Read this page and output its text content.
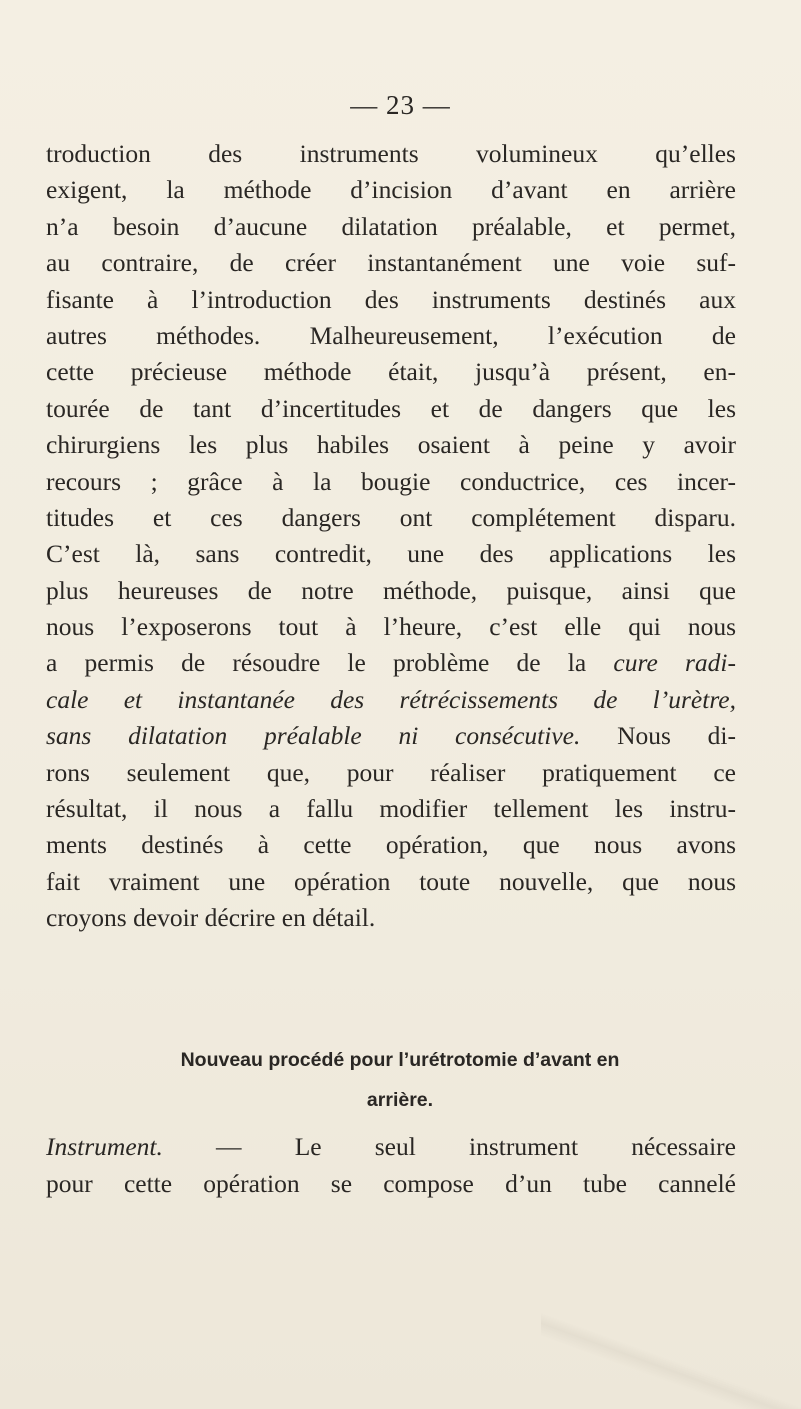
— 23 —
troduction des instruments volumineux qu’elles
exigent, la méthode d’incision d’avant en arrière
n’a besoin d’aucune dilatation préalable, et permet,
au contraire, de créer instantanément une voie suf-
fisante à l’introduction des instruments destinés aux
autres méthodes. Malheureusement, l’exécution de
cette précieuse méthode était, jusqu’à présent, en-
tourée de tant d’incertitudes et de dangers que les
chirurgiens les plus habiles osaient à peine y avoir
recours ; grâce à la bougie conductrice, ces incer-
titudes et ces dangers ont complétement disparu.
C’est là, sans contredit, une des applications les
plus heureuses de notre méthode, puisque, ainsi que
nous l’exposerons tout à l’heure, c’est elle qui nous
a permis de résoudre le problème de la cure radi-
cale et instantanée des rétrécissements de l’urètre,
sans dilatation préalable ni consécutive. Nous di-
rons seulement que, pour réaliser pratiquement ce
résultat, il nous a fallu modifier tellement les instru-
ments destinés à cette opération, que nous avons
fait vraiment une opération toute nouvelle, que nous
croyons devoir décrire en détail.
Nouveau procédé pour l’urétrotomie d’avant en
arrière.
Instrument. — Le seul instrument nécessaire
pour cette opération se compose d’un tube cannelé
